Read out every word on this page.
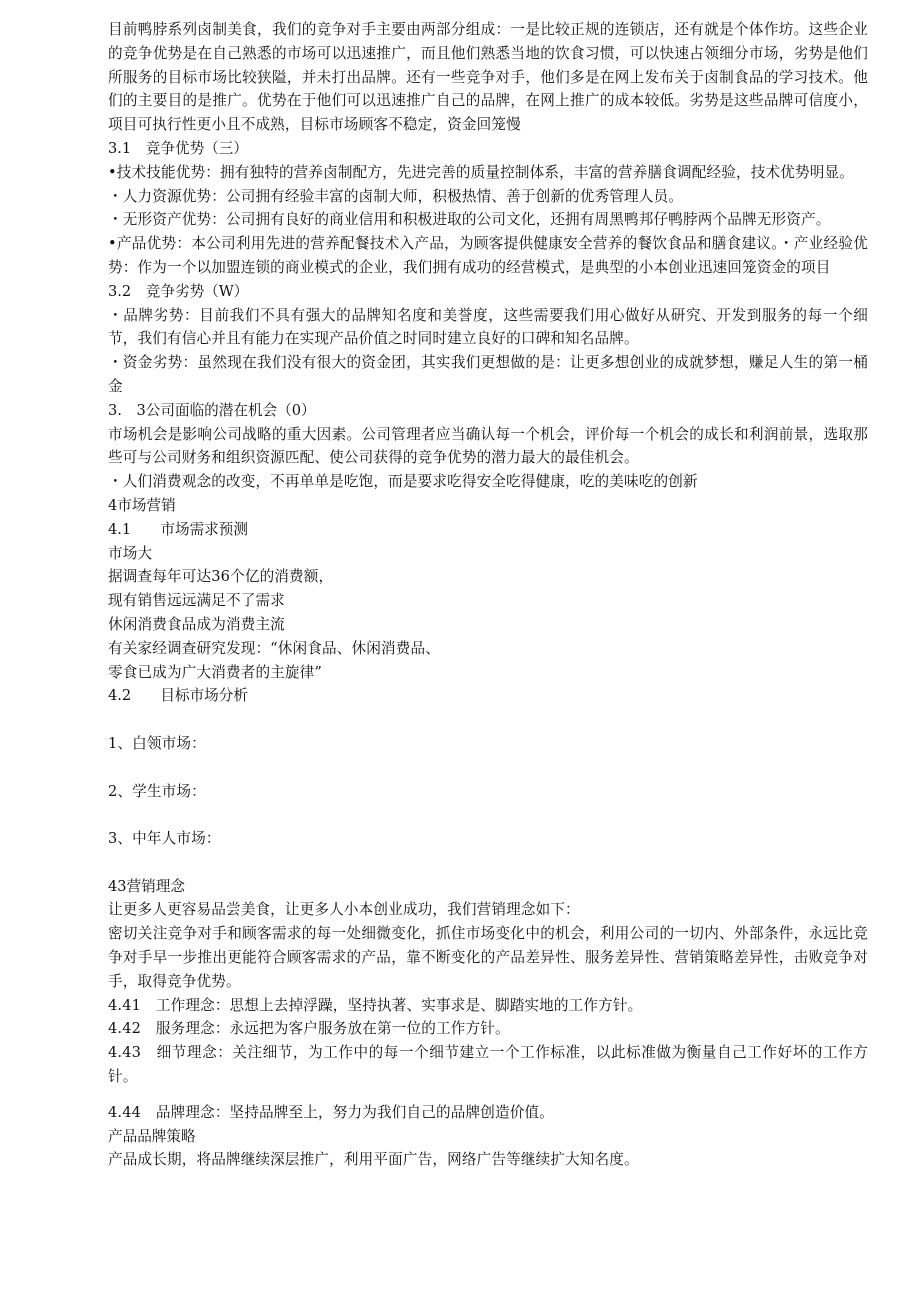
目前鸭脖系列卤制美食，我们的竞争对手主要由两部分组成：一是比较正规的连锁店，还有就是个体作坊。这些企业的竞争优势是在自己熟悉的市场可以迅速推广，而且他们熟悉当地的饮食习惯，可以快速占领细分市场，劣势是他们所服务的目标市场比较狭隘，并未打出品牌。还有一些竞争对手，他们多是在网上发布关于卤制食品的学习技术。他们的主要目的是推广。优势在于他们可以迅速推广自己的品牌，在网上推广的成本较低。劣势是这些品牌可信度小，项目可执行性更小且不成熟，目标市场顾客不稳定，资金回笼慢

3.1　竞争优势（三）

•技术技能优势：拥有独特的营养卤制配方，先进完善的质量控制体系，丰富的营养膳食调配经验，技术优势明显。

・人力资源优势：公司拥有经验丰富的卤制大师，积极热情、善于创新的优秀管理人员。

・无形资产优势：公司拥有良好的商业信用和积极进取的公司文化，还拥有周黑鸭邦仔鸭脖两个品牌无形资产。

•产品优势：本公司利用先进的营养配餐技术入产品，为顾客提供健康安全营养的餐饮食品和膳食建议。・产业经验优势：作为一个以加盟连锁的商业模式的企业，我们拥有成功的经营模式，是典型的小本创业迅速回笼资金的项目

3.2　竞争劣势（W）

・品牌劣势：目前我们不具有强大的品牌知名度和美誉度，这些需要我们用心做好从研究、开发到服务的每一个细节，我们有信心并且有能力在实现产品价值之时同时建立良好的口碑和知名品牌。

・资金劣势：虽然现在我们没有很大的资金团，其实我们更想做的是：让更多想创业的成就梦想，赚足人生的第一桶金

3.　3公司面临的潜在机会（0）

市场机会是影响公司战略的重大因素。公司管理者应当确认每一个机会，评价每一个机会的成长和利润前景，选取那些可与公司财务和组织资源匹配、使公司获得的竞争优势的潜力最大的最佳机会。

・人们消费观念的改变，不再单单是吃饱，而是要求吃得安全吃得健康，吃的美味吃的创新

4市场营销

4.1　　市场需求预测

市场大

据调查每年可达36个亿的消费额，

现有销售远远满足不了需求

休闲消费食品成为消费主流

有关家经调查研究发现：“休闲食品、休闲消费品、

零食已成为广大消费者的主旋律”

4.2　　目标市场分析

1、白领市场：

2、学生市场：

3、中年人市场：

43营销理念

让更多人更容易品尝美食，让更多人小本创业成功，我们营销理念如下：

密切关注竞争对手和顾客需求的每一处细微变化，抓住市场变化中的机会，利用公司的一切内、外部条件，永远比竞争对手早一步推出更能符合顾客需求的产品，靠不断变化的产品差异性、服务差异性、营销策略差异性，击败竞争对手，取得竞争优势。

4.41　工作理念：思想上去掉浮躁，坚持执著、实事求是、脚踏实地的工作方针。

4.42　服务理念：永远把为客户服务放在第一位的工作方针。

4.43　细节理念：关注细节，为工作中的每一个细节建立一个工作标准，以此标准做为衡量自己工作好坏的工作方针。

4.44　品牌理念：坚持品牌至上，努力为我们自己的品牌创造价值。

产品品牌策略

产品成长期，将品牌继续深层推广，利用平面广告，网络广告等继续扩大知名度。
